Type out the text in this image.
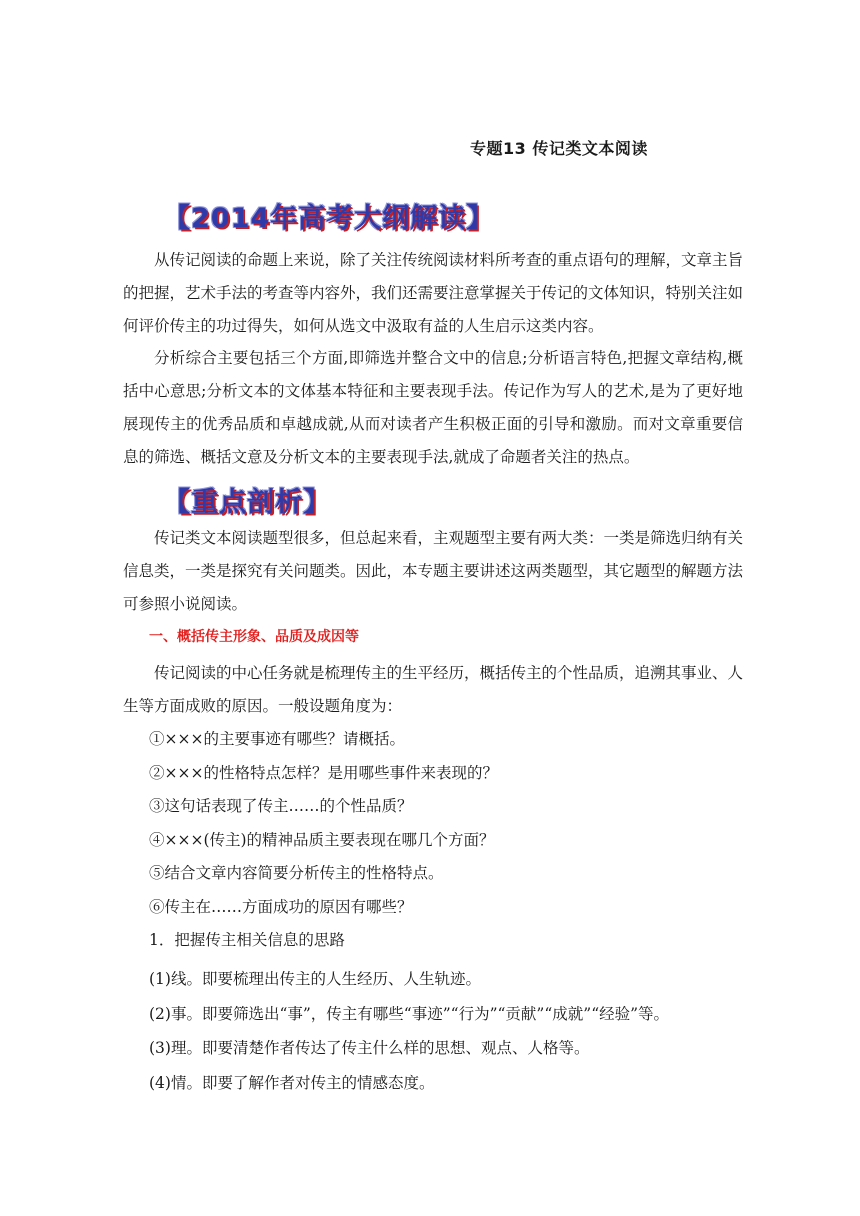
专题13 传记类文本阅读
【2014年高考大纲解读】

从传记阅读的命题上来说，除了关注传统阅读材料所考查的重点语句的理解，文章主旨的把握，艺术手法的考查等内容外，我们还需要注意掌握关于传记的文体知识，特别关注如何评价传主的功过得失，如何从选文中汲取有益的人生启示这类内容。

分析综合主要包括三个方面,即筛选并整合文中的信息;分析语言特色,把握文章结构,概括中心意思;分析文本的文体基本特征和主要表现手法。传记作为写人的艺术,是为了更好地展现传主的优秀品质和卓越成就,从而对读者产生积极正面的引导和激励。而对文章重要信息的筛选、概括文意及分析文本的主要表现手法,就成了命题者关注的热点。

【重点剖析】

传记类文本阅读题型很多，但总起来看，主观题型主要有两大类：一类是筛选归纳有关信息类，一类是探究有关问题类。因此，本专题主要讲述这两类题型，其它题型的解题方法可参照小说阅读。

一、概括传主形象、品质及成因等

传记阅读的中心任务就是梳理传主的生平经历，概括传主的个性品质，追溯其事业、人生等方面成败的原因。一般设题角度为：

①×××的主要事迹有哪些？请概括。
②×××的性格特点怎样？是用哪些事件来表现的？
③这句话表现了传主……的个性品质？
④×××(传主)的精神品质主要表现在哪几个方面？
⑤结合文章内容简要分析传主的性格特点。
⑥传主在……方面成功的原因有哪些？

1．把握传主相关信息的思路

(1)线。即要梳理出传主的人生经历、人生轨迹。
(2)事。即要筛选出“事”，传主有哪些“事迹”“行为”“贡献”“成就”“经验”等。
(3)理。即要清楚作者传达了传主什么样的思想、观点、人格等。
(4)情。即要了解作者对传主的情感态度。
